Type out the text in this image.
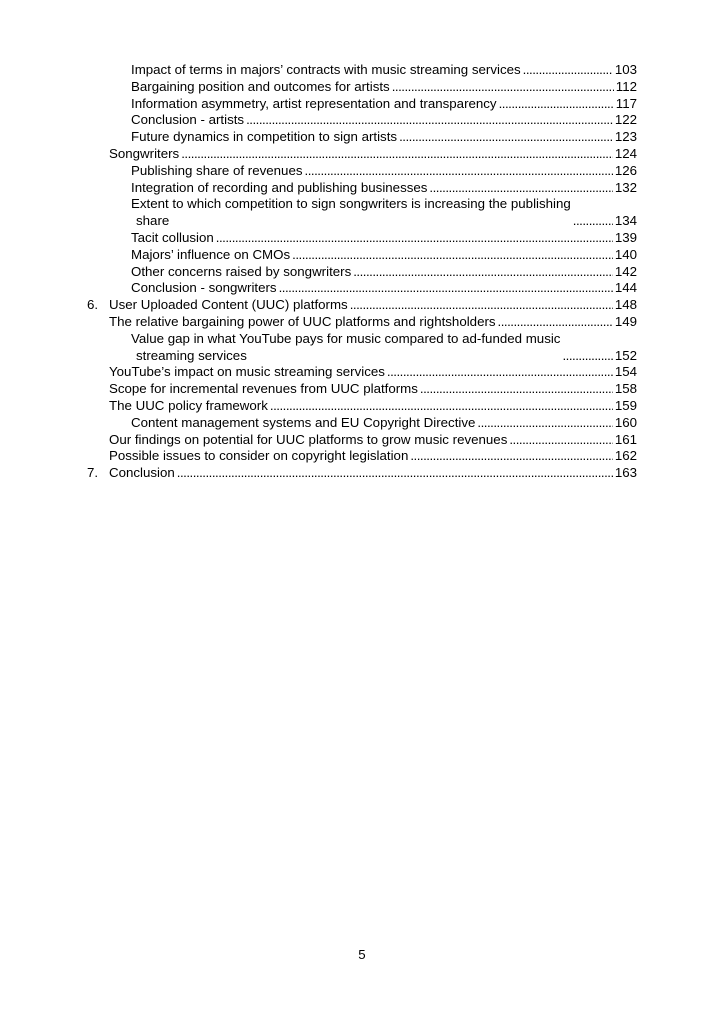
Impact of terms in majors’ contracts with music streaming services . . .	103
Bargaining position and outcomes for artists . . .	112
Information asymmetry, artist representation and transparency . . .	117
Conclusion - artists . . .	122
Future dynamics in competition to sign artists . . .	123
Songwriters . . .	124
Publishing share of revenues . . .	126
Integration of recording and publishing businesses . . .	132
Extent to which competition to sign songwriters is increasing the publishing
share . . .	134
Tacit collusion . . .	139
Majors’ influence on CMOs . . .	140
Other concerns raised by songwriters . . .	142
Conclusion - songwriters . . .	144
6. User Uploaded Content (UUC) platforms . . .	148
The relative bargaining power of UUC platforms and rightsholders . . .	149
Value gap in what YouTube pays for music compared to ad-funded music
streaming services . . .	152
YouTube’s impact on music streaming services . . .	154
Scope for incremental revenues from UUC platforms . . .	158
The UUC policy framework . . .	159
Content management systems and EU Copyright Directive . . .	160
Our findings on potential for UUC platforms to grow music revenues . . .	161
Possible issues to consider on copyright legislation . . .	162
7. Conclusion . . .	163
5
